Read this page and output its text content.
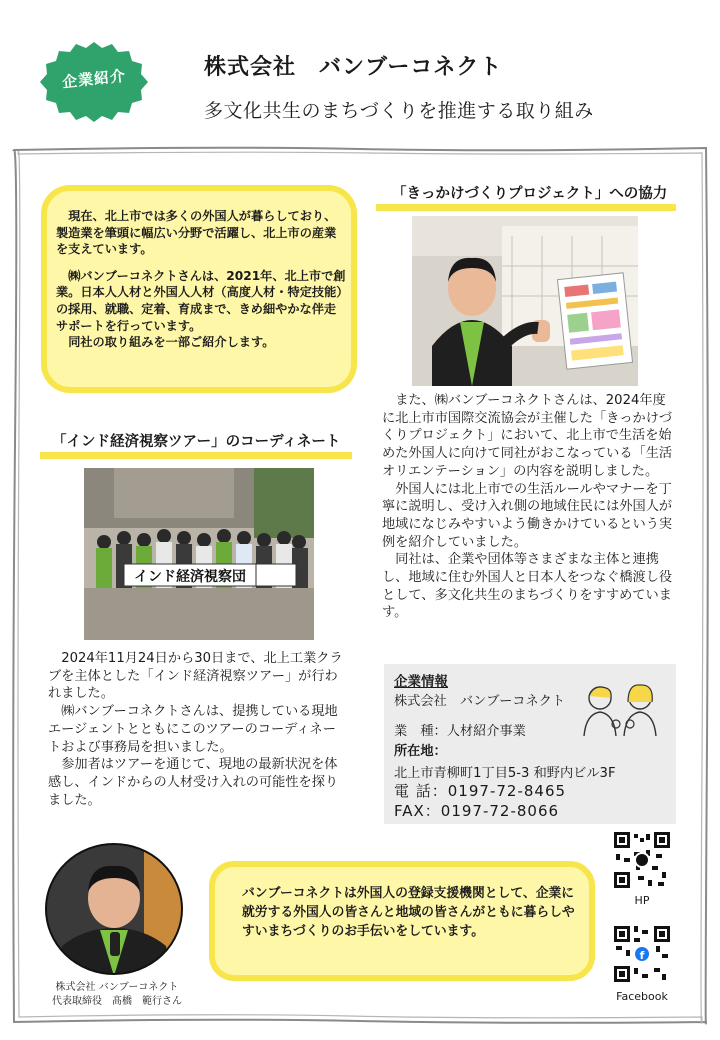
企業紹介	株式会社　バンブーコネクト
多文化共生のまちづくりを推進する取り組み

現在、北上市では多くの外国人が暮らしており、製造業を筆頭に幅広い分野で活躍し、北上市の産業を支えています。

㈱バンブーコネクトさんは、2021年、北上市で創業。日本人人材と外国人人材（高度人材・特定技能）の採用、就職、定着、育成まで、きめ細やかな伴走サポートを行っています。

同社の取り組みを一部ご紹介します。

「きっかけづくりプロジェクト」への協力

また、㈱バンブーコネクトさんは、2024年度に北上市市国際交流協会が主催した「きっかけづくりプロジェクト」において、北上市で生活を始めた外国人に向けて同社がおこなっている「生活オリエンテーション」の内容を説明しました。

外国人には北上市での生活ルールやマナーを丁寧に説明し、受け入れ側の地域住民には外国人が地域になじみやすいよう働きかけているという実例を紹介していました。

同社は、企業や団体等さまざまな主体と連携し、地域に住む外国人と日本人をつなぐ橋渡し役として、多文化共生のまちづくりをすすめています。

「インド経済視察ツアー」のコーディネート
インド経済視察団

2024年11月24日から30日まで、北上工業クラブを主体とした「インド経済視察ツアー」が行われました。

㈱バンブーコネクトさんは、提携している現地エージェントとともにこのツアーのコーディネートおよび事務局を担いました。

参加者はツアーを通じて、現地の最新状況を体感し、インドからの人材受け入れの可能性を探りました。

企業情報
株式会社　バンブーコネクト
業　種：人材紹介事業
所在地：
北上市青柳町1丁目5-3 和野内ビル3F
電 話：0197-72-8465
FAX：0197-72-8066
株式会社 バンブーコネクト
代表取締役　髙橋　範行さん
バンブーコネクトは外国人の登録支援機関として、企業に就労する外国人の皆さんと地域の皆さんがともに暮らしやすいまちづくりのお手伝いをしています。
HP
f
Facebook
